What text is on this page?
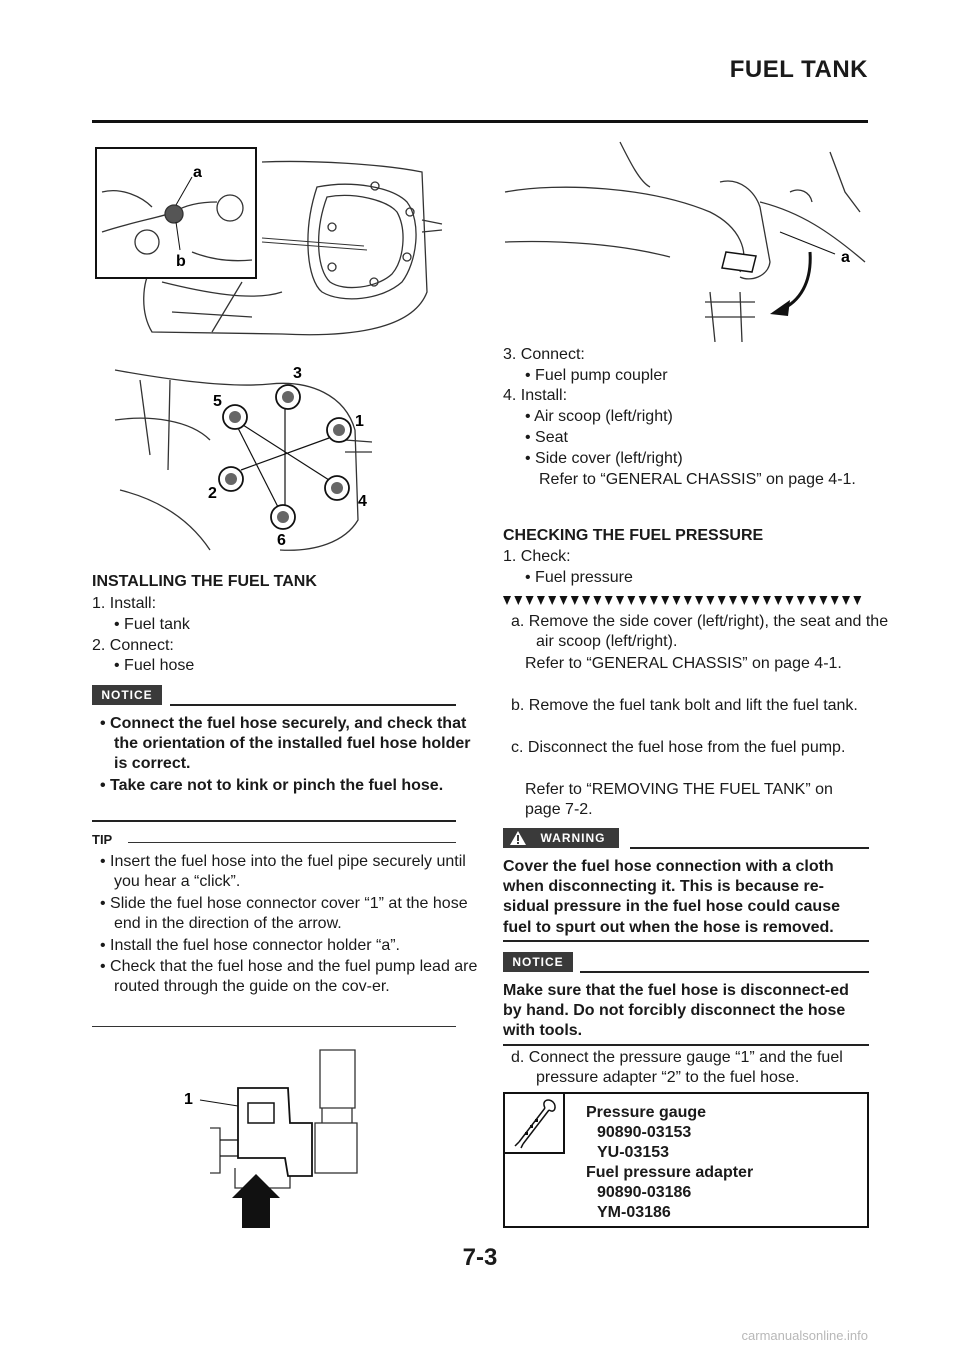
FUEL TANK
a
b
3
5
1
2	4
6
a
INSTALLING THE FUEL TANK
1. Install:
• Fuel tank
2. Connect:
• Fuel hose
NOTICE
• Connect the fuel hose securely, and check that the orientation of the installed fuel hose holder is correct.
• Take care not to kink or pinch the fuel hose.
TIP
• Insert the fuel hose into the fuel pipe securely until you hear a “click”.
• Slide the fuel hose connector cover “1” at the hose end in the direction of the arrow.
• Install the fuel hose connector holder “a”.
• Check that the fuel hose and the fuel pump lead are routed through the guide on the cov-er.
1
3. Connect:
• Fuel pump coupler
4. Install:
• Air scoop (left/right)
• Seat
• Side cover (left/right)
Refer to “GENERAL CHASSIS” on page 4-1.
CHECKING THE FUEL PRESSURE
1. Check:
• Fuel pressure
a. Remove the side cover (left/right), the seat and the air scoop (left/right).
Refer to “GENERAL CHASSIS” on page 4-1.
b. Remove the fuel tank bolt and lift the fuel tank.
c. Disconnect the fuel hose from the fuel pump.
Refer to “REMOVING THE FUEL TANK” on page 7-2.
WARNING
Cover the fuel hose connection with a cloth when disconnecting it. This is because re-sidual pressure in the fuel hose could cause fuel to spurt out when the hose is removed.
NOTICE
Make sure that the fuel hose is disconnect-ed by hand. Do not forcibly disconnect the hose with tools.
d. Connect the pressure gauge “1” and the fuel pressure adapter “2” to the fuel hose.
Pressure gauge
90890-03153
YU-03153
Fuel pressure adapter
90890-03186
YM-03186
7-3
carmanualsonline.info
